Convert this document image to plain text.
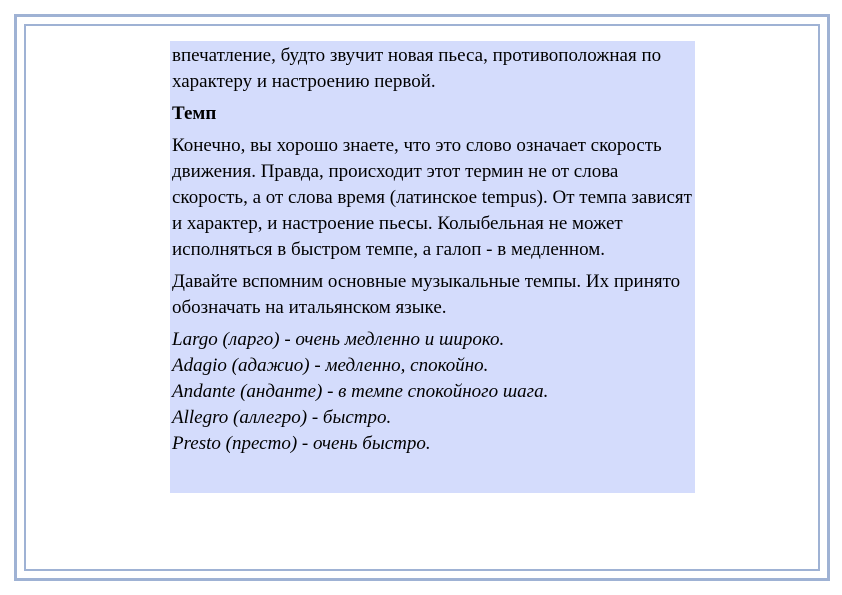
впечатление, будто звучит новая пьеса, противоположная по характеру и настроению первой.

Темп

Конечно, вы хорошо знаете, что это слово означает скорость движения. Правда, происходит этот термин не от слова скорость, а от слова время (латинское tempus). От темпа зависят и характер, и настроение пьесы. Колыбельная не может исполняться в быстром темпе, а галоп - в медленном.

Давайте вспомним основные музыкальные темпы. Их принято обозначать на итальянском языке.

Largo (ларго) - очень медленно и широко.

Adagio (адажио) - медленно, спокойно.

Andante (анданте) - в темпе спокойного шага.

Allegro (аллегро) - быстро.

Presto (престо) - очень быстро.
